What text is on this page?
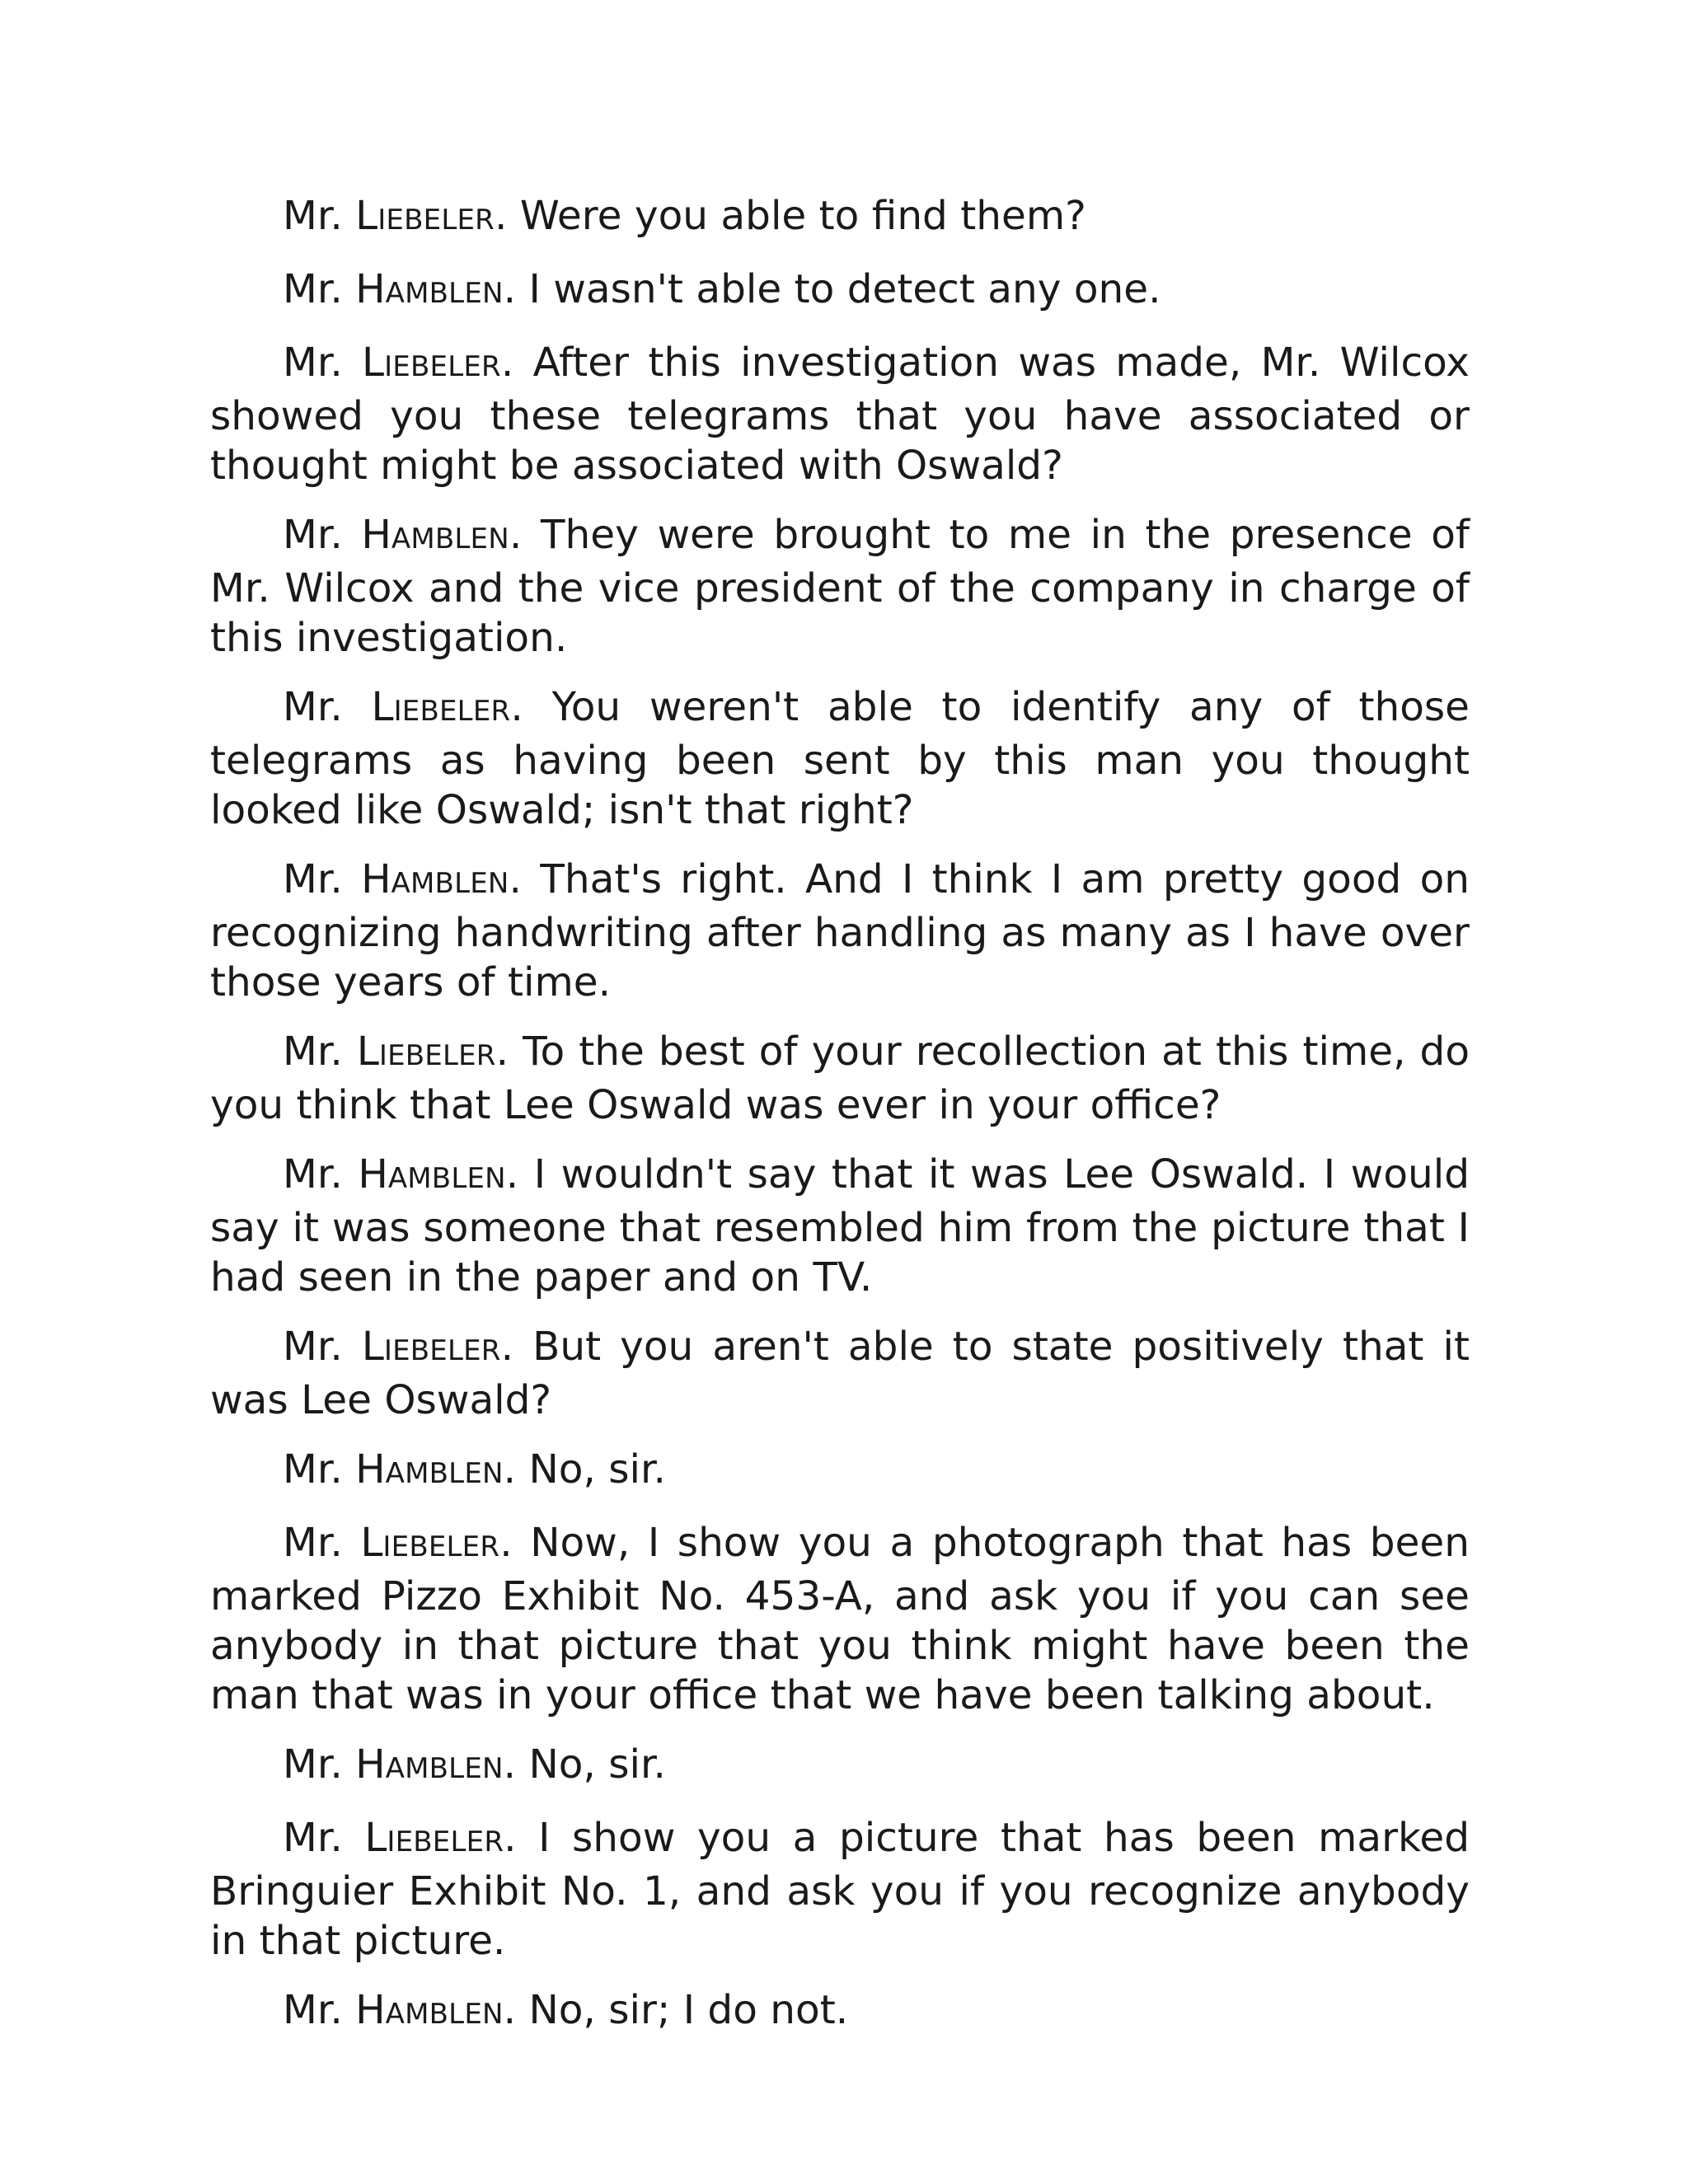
Mr. LIEBELER. Were you able to find them?

Mr. HAMBLEN. I wasn't able to detect any one.

Mr. LIEBELER. After this investigation was made, Mr. Wilcox showed you these telegrams that you have associated or thought might be associated with Oswald?

Mr. HAMBLEN. They were brought to me in the presence of Mr. Wilcox and the vice president of the company in charge of this investigation.

Mr. LIEBELER. You weren't able to identify any of those telegrams as having been sent by this man you thought looked like Oswald; isn't that right?

Mr. HAMBLEN. That's right. And I think I am pretty good on recognizing handwriting after handling as many as I have over those years of time.

Mr. LIEBELER. To the best of your recollection at this time, do you think that Lee Oswald was ever in your office?

Mr. HAMBLEN. I wouldn't say that it was Lee Oswald. I would say it was someone that resembled him from the picture that I had seen in the paper and on TV.

Mr. LIEBELER. But you aren't able to state positively that it was Lee Oswald?

Mr. HAMBLEN. No, sir.

Mr. LIEBELER. Now, I show you a photograph that has been marked Pizzo Exhibit No. 453-A, and ask you if you can see anybody in that picture that you think might have been the man that was in your office that we have been talking about.

Mr. HAMBLEN. No, sir.

Mr. LIEBELER. I show you a picture that has been marked Bringuier Exhibit No. 1, and ask you if you recognize anybody in that picture.

Mr. HAMBLEN. No, sir; I do not.
